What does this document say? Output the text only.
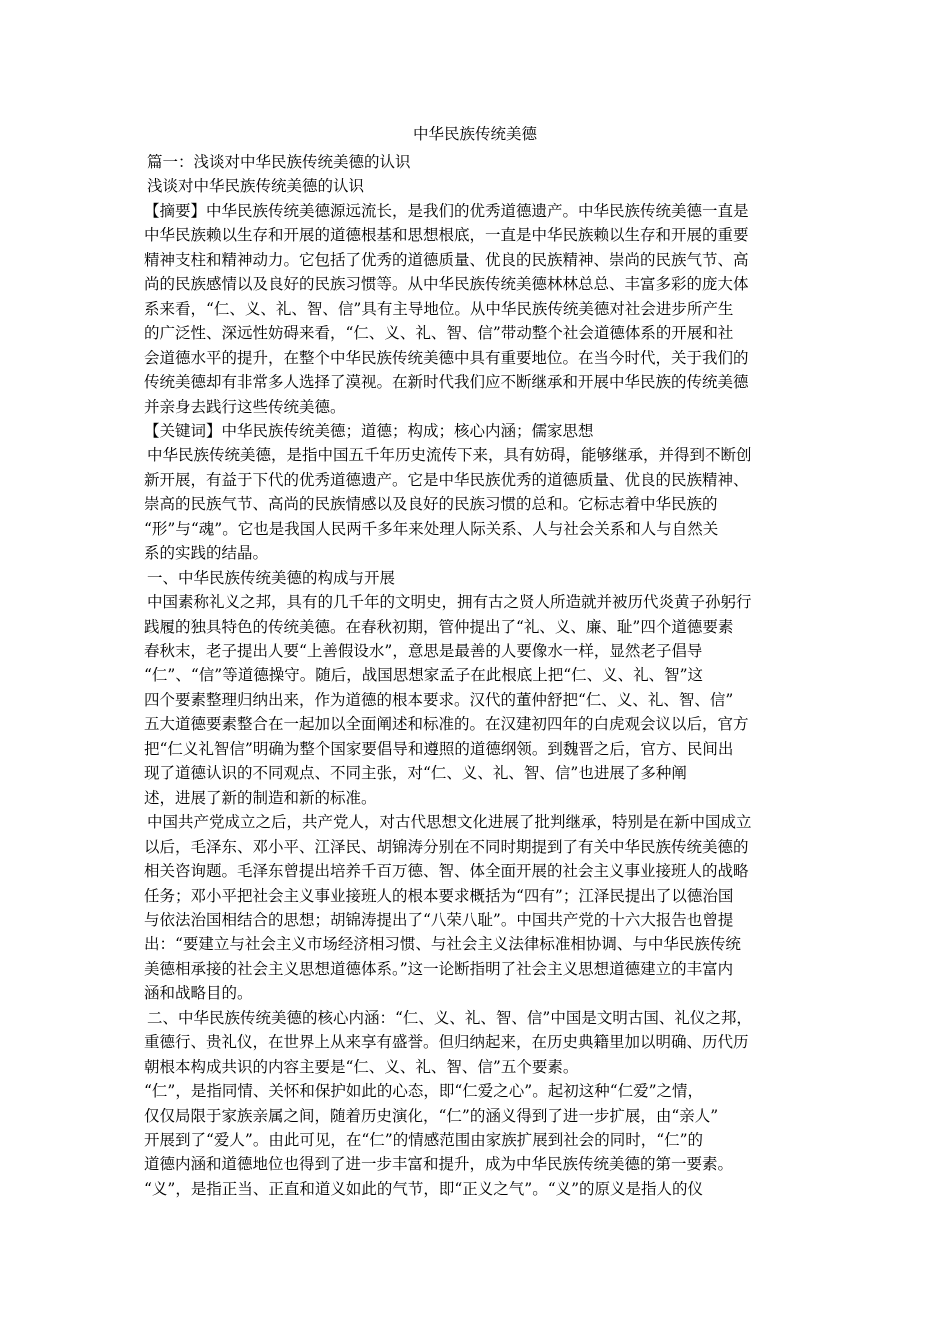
中华民族传统美德
篇一：浅谈对中华民族传统美德的认识
浅谈对中华民族传统美德的认识
【摘要】中华民族传统美德源远流长，是我们的优秀道德遗产。中华民族传统美德一直是
中华民族赖以生存和开展的道德根基和思想根底，一直是中华民族赖以生存和开展的重要
精神支柱和精神动力。它包括了优秀的道德质量、优良的民族精神、崇尚的民族气节、高
尚的民族感情以及良好的民族习惯等。从中华民族传统美德林林总总、丰富多彩的庞大体
系来看，“仁、义、礼、智、信”具有主导地位。从中华民族传统美德对社会进步所产生
的广泛性、深远性妨碍来看，“仁、义、礼、智、信”带动整个社会道德体系的开展和社
会道德水平的提升，在整个中华民族传统美德中具有重要地位。在当今时代，关于我们的
传统美德却有非常多人选择了漠视。在新时代我们应不断继承和开展中华民族的传统美德
并亲身去践行这些传统美德。
【关键词】中华民族传统美德；道德；构成；核心内涵；儒家思想
中华民族传统美德，是指中国五千年历史流传下来，具有妨碍，能够继承，并得到不断创
新开展，有益于下代的优秀道德遗产。它是中华民族优秀的道德质量、优良的民族精神、
崇高的民族气节、高尚的民族情感以及良好的民族习惯的总和。它标志着中华民族的
“形”与“魂”。它也是我国人民两千多年来处理人际关系、人与社会关系和人与自然关
系的实践的结晶。
一、中华民族传统美德的构成与开展
中国素称礼义之邦，具有的几千年的文明史，拥有古之贤人所造就并被历代炎黄子孙躬行
践履的独具特色的传统美德。在春秋初期，管仲提出了“礼、义、廉、耻”四个道德要素
春秋末，老子提出人要“上善假设水”，意思是最善的人要像水一样，显然老子倡导
“仁”、“信”等道德操守。随后，战国思想家孟子在此根底上把“仁、义、礼、智”这
四个要素整理归纳出来，作为道德的根本要求。汉代的董仲舒把“仁、义、礼、智、信”
五大道德要素整合在一起加以全面阐述和标准的。在汉建初四年的白虎观会议以后，官方
把“仁义礼智信”明确为整个国家要倡导和遵照的道德纲领。到魏晋之后，官方、民间出
现了道德认识的不同观点、不同主张，对“仁、义、礼、智、信”也进展了多种阐
述，进展了新的制造和新的标准。
中国共产党成立之后，共产党人，对古代思想文化进展了批判继承，特别是在新中国成立
以后，毛泽东、邓小平、江泽民、胡锦涛分别在不同时期提到了有关中华民族传统美德的
相关咨询题。毛泽东曾提出培养千百万德、智、体全面开展的社会主义事业接班人的战略
任务；邓小平把社会主义事业接班人的根本要求概括为“四有”；江泽民提出了以德治国
与依法治国相结合的思想；胡锦涛提出了“八荣八耻”。中国共产党的十六大报告也曾提
出：“要建立与社会主义市场经济相习惯、与社会主义法律标准相协调、与中华民族传统
美德相承接的社会主义思想道德体系。”这一论断指明了社会主义思想道德建立的丰富内
涵和战略目的。
二、中华民族传统美德的核心内涵：“仁、义、礼、智、信”中国是文明古国、礼仪之邦，
重德行、贵礼仪，在世界上从来享有盛誉。但归纳起来，在历史典籍里加以明确、历代历
朝根本构成共识的内容主要是“仁、义、礼、智、信”五个要素。
“仁”，是指同情、关怀和保护如此的心态，即“仁爱之心”。起初这种“仁爱”之情，
仅仅局限于家族亲属之间，随着历史演化，“仁”的涵义得到了进一步扩展，由“亲人”
开展到了“爱人”。由此可见，在“仁”的情感范围由家族扩展到社会的同时，“仁”的
道德内涵和道德地位也得到了进一步丰富和提升，成为中华民族传统美德的第一要素。
“义”，是指正当、正直和道义如此的气节，即“正义之气”。“义”的原义是指人的仪
